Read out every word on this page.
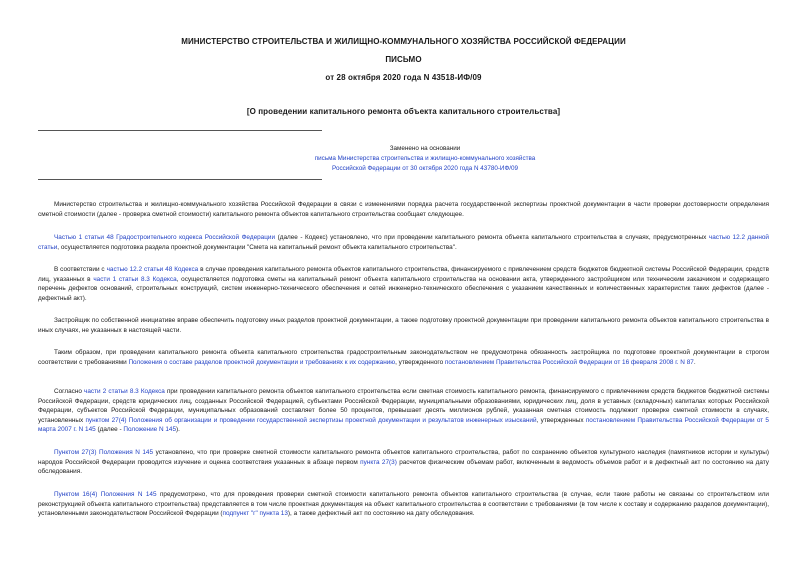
МИНИСТЕРСТВО СТРОИТЕЛЬСТВА И ЖИЛИЩНО-КОММУНАЛЬНОГО ХОЗЯЙСТВА РОССИЙСКОЙ ФЕДЕРАЦИИ
ПИСЬМО
от 28 октября 2020 года N 43518-ИФ/09
[О проведении капитального ремонта объекта капитального строительства]
Заменено на основании
письма Министерства строительства и жилищно-коммунального хозяйства
Российской Федерации от 30 октября 2020 года N 43780-ИФ/09

Министерство строительства и жилищно-коммунального хозяйства Российской Федерации в связи с изменениями порядка расчета государственной экспертизы проектной документации в части проверки достоверности определения сметной стоимости (далее - проверка сметной стоимости) капитального ремонта объектов капитального строительства сообщает следующее.

Частью 1 статьи 48 Градостроительного кодекса Российской Федерации (далее - Кодекс) установлено, что при проведении капитального ремонта объекта капитального строительства в случаях, предусмотренных частью 12.2 данной статьи, осуществляется подготовка раздела проектной документации "Смета на капитальный ремонт объекта капитального строительства".

В соответствии с частью 12.2 статьи 48 Кодекса в случае проведения капитального ремонта объектов капитального строительства, финансируемого с привлечением средств бюджетов бюджетной системы Российской Федерации, средств лиц, указанных в части 1 статьи 8.3 Кодекса, осуществляется подготовка сметы на капитальный ремонт объекта капитального строительства на основании акта, утвержденного застройщиком или техническим заказчиком и содержащего перечень дефектов оснований, строительных конструкций, систем инженерно-технического обеспечения и сетей инженерно-технического обеспечения с указанием качественных и количественных характеристик таких дефектов (далее - дефектный акт).

Застройщик по собственной инициативе вправе обеспечить подготовку иных разделов проектной документации, а также подготовку проектной документации при проведении капитального ремонта объектов капитального строительства в иных случаях, не указанных в настоящей части.

Таким образом, при проведении капитального ремонта объекта капитального строительства градостроительным законодательством не предусмотрена обязанность застройщика по подготовке проектной документации в строгом соответствии с требованиями Положения о составе разделов проектной документации и требованиях к их содержанию, утвержденного постановлением Правительства Российской Федерации от 16 февраля 2008 г. N 87.

Согласно части 2 статьи 8.3 Кодекса при проведении капитального ремонта объектов капитального строительства если сметная стоимость капитального ремонта, финансируемого с привлечением средств бюджетов бюджетной системы Российской Федерации, средств юридических лиц, созданных Российской Федерацией, субъектами Российской Федерации, муниципальными образованиями, юридических лиц, доля в уставных (складочных) капиталах которых Российской Федерации, субъектов Российской Федерации, муниципальных образований составляет более 50 процентов, превышает десять миллионов рублей, указанная сметная стоимость подлежит проверке сметной стоимости в случаях, установленных пунктом 27(4) Положения об организации и проведении государственной экспертизы проектной документации и результатов инженерных изысканий, утвержденных постановлением Правительства Российской Федерации от 5 марта 2007 г. N 145 (далее - Положение N 145).

Пунктом 27(3) Положения N 145 установлено, что при проверке сметной стоимости капитального ремонта объектов капитального строительства, работ по сохранению объектов культурного наследия (памятников истории и культуры) народов Российской Федерации проводится изучение и оценка соответствия указанных в абзаце первом пункта 27(3) расчетов физическим объемам работ, включенным в ведомость объемов работ и в дефектный акт по состоянию на дату обследования.

Пунктом 16(4) Положения N 145 предусмотрено, что для проведения проверки сметной стоимости капитального ремонта объектов капитального строительства (в случае, если такие работы не связаны со строительством или реконструкцией объекта капитального строительства) представляется в том числе проектная документация на объект капитального строительства в соответствии с требованиями (в том числе к составу и содержанию разделов документации), установленными законодательством Российской Федерации (подпункт "г" пункта 13), а также дефектный акт по состоянию на дату обследования.
